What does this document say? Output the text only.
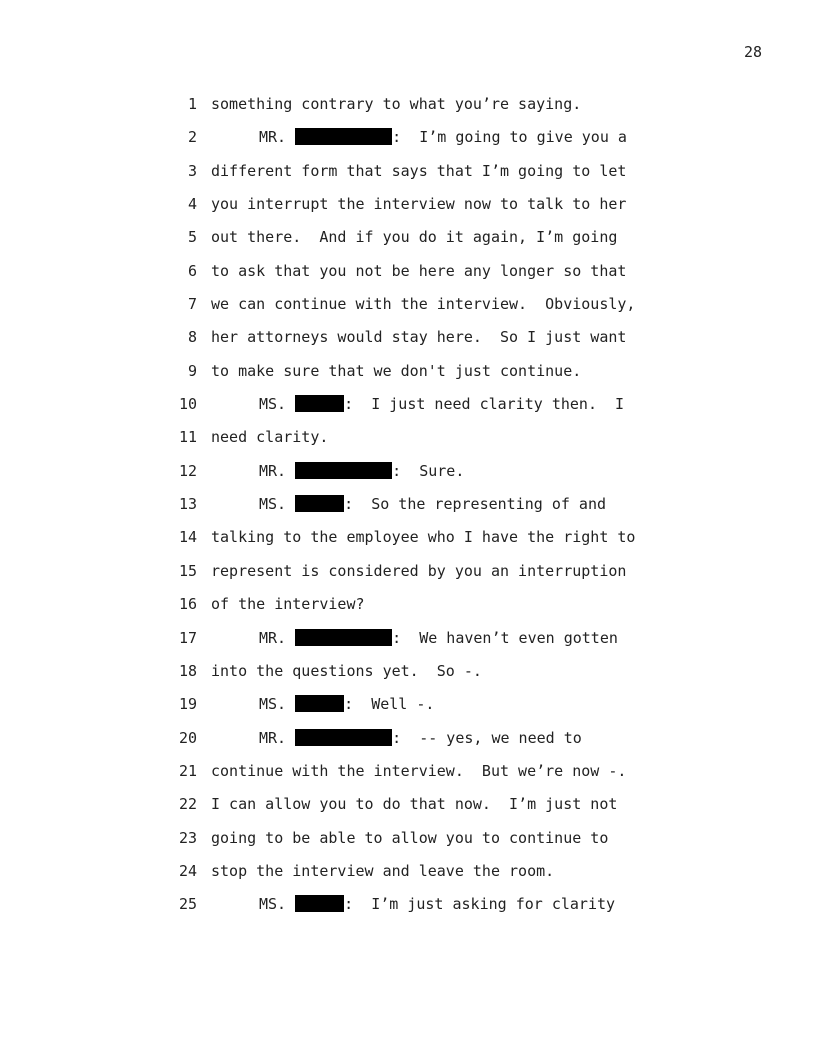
28
1 something contrary to what you’re saying.
2	MR.	:  I’m going to give you a
3 different form that says that I’m going to let
4 you interrupt the interview now to talk to her
5 out there.  And if you do it again, I’m going
6 to ask that you not be here any longer so that
7 we can continue with the interview.  Obviously,
8 her attorneys would stay here.  So I just want
9 to make sure that we don't just continue.
10	MS.	:  I just need clarity then.  I
11 need clarity.
12	MR.	:  Sure.
13	MS.	:  So the representing of and
14 talking to the employee who I have the right to
15 represent is considered by you an interruption
16 of the interview?
17	MR.	:  We haven’t even gotten
18 into the questions yet.  So -.
19	MS.	:  Well -.
20	MR.	:  -- yes, we need to
21 continue with the interview.  But we’re now -.
22 I can allow you to do that now.  I’m just not
23 going to be able to allow you to continue to
24 stop the interview and leave the room.
25	MS.	:  I’m just asking for clarity
